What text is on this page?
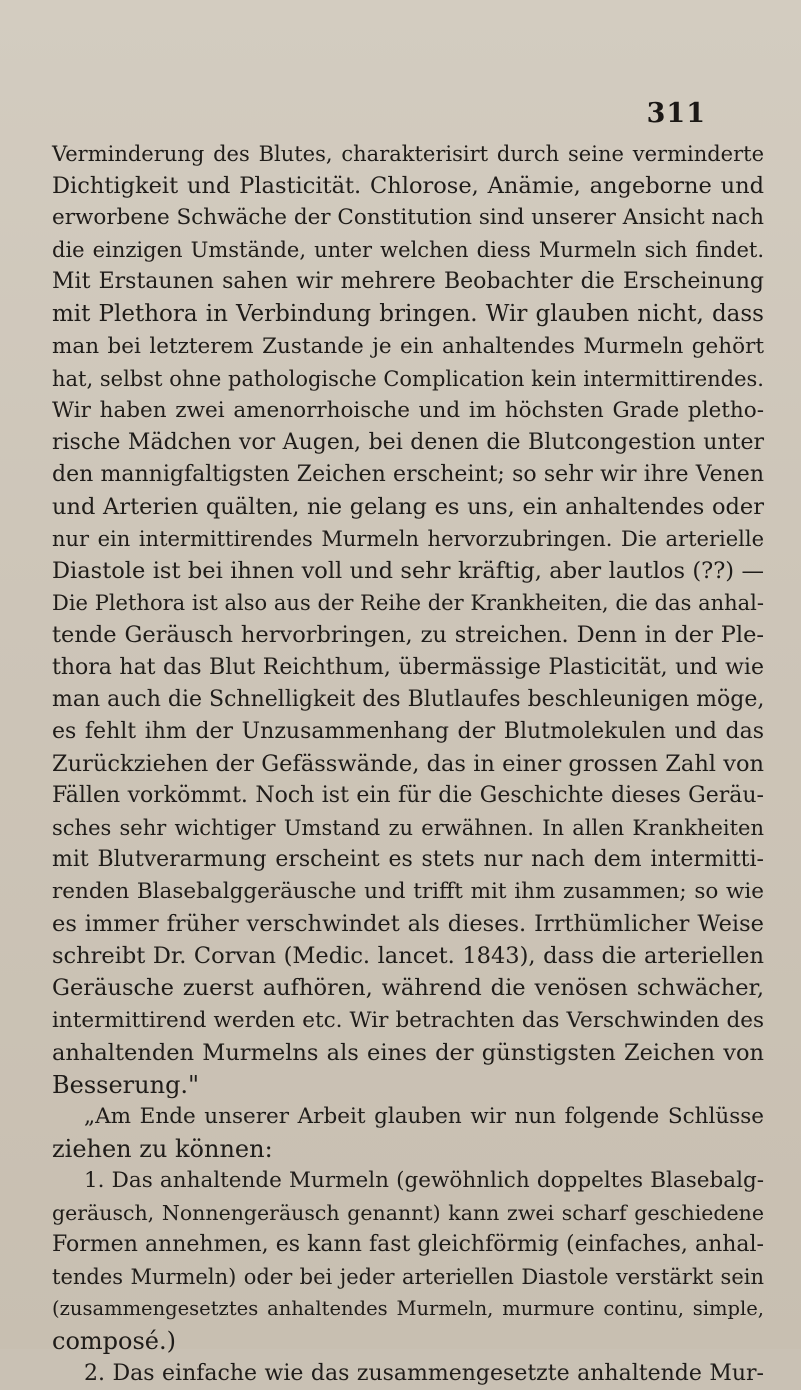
311
Verminderung des Blutes, charakterisirt durch seine verminderte
Dichtigkeit und Plasticität. Chlorose, Anämie, angeborne und
erworbene Schwäche der Constitution sind unserer Ansicht nach
die einzigen Umstände, unter welchen diess Murmeln sich findet.
Mit Erstaunen sahen wir mehrere Beobachter die Erscheinung
mit Plethora in Verbindung bringen. Wir glauben nicht, dass
man bei letzterem Zustande je ein anhaltendes Murmeln gehört
hat, selbst ohne pathologische Complication kein intermittirendes.
Wir haben zwei amenorrhoische und im höchsten Grade pletho-
rische Mädchen vor Augen, bei denen die Blutcongestion unter
den mannigfaltigsten Zeichen erscheint; so sehr wir ihre Venen
und Arterien quälten, nie gelang es uns, ein anhaltendes oder
nur ein intermittirendes Murmeln hervorzubringen. Die arterielle
Diastole ist bei ihnen voll und sehr kräftig, aber lautlos (??) —
Die Plethora ist also aus der Reihe der Krankheiten, die das anhal-
tende Geräusch hervorbringen, zu streichen. Denn in der Ple-
thora hat das Blut Reichthum, übermässige Plasticität, und wie
man auch die Schnelligkeit des Blutlaufes beschleunigen möge,
es fehlt ihm der Unzusammenhang der Blutmolekulen und das
Zurückziehen der Gefässwände, das in einer grossen Zahl von
Fällen vorkömmt. Noch ist ein für die Geschichte dieses Geräu-
sches sehr wichtiger Umstand zu erwähnen. In allen Krankheiten
mit Blutverarmung erscheint es stets nur nach dem intermitti-
renden Blasebalggeräusche und trifft mit ihm zusammen; so wie
es immer früher verschwindet als dieses. Irrthümlicher Weise
schreibt Dr. Corvan (Medic. lancet. 1843), dass die arteriellen
Geräusche zuerst aufhören, während die venösen schwächer,
intermittirend werden etc. Wir betrachten das Verschwinden des
anhaltenden Murmelns als eines der günstigsten Zeichen von
Besserung."
„Am Ende unserer Arbeit glauben wir nun folgende Schlüsse
ziehen zu können:
1. Das anhaltende Murmeln (gewöhnlich doppeltes Blasebalg-
geräusch, Nonnengeräusch genannt) kann zwei scharf geschiedene
Formen annehmen, es kann fast gleichförmig (einfaches, anhal-
tendes Murmeln) oder bei jeder arteriellen Diastole verstärkt sein
(zusammengesetztes anhaltendes Murmeln, murmure continu, simple,
composé.)
2. Das einfache wie das zusammengesetzte anhaltende Mur-
